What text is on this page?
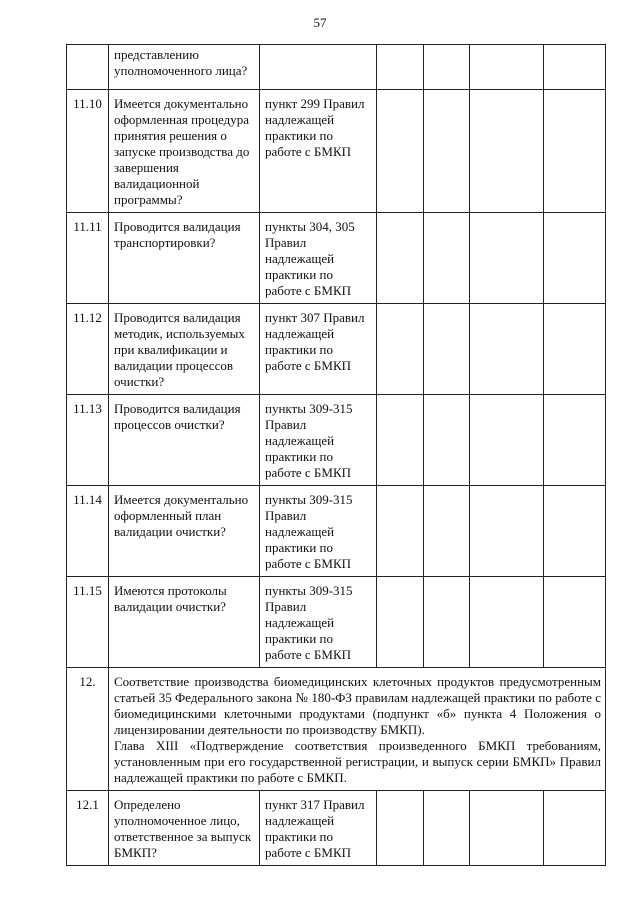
57
	представлению уполномоченного лица?					
11.10	Имеется документально оформленная процедура принятия решения о запуске производства до завершения валидационной программы?	пункт 299 Правил надлежащей практики по работе с БМКП				
11.11	Проводится валидация транспортировки?	пункты 304, 305 Правил надлежащей практики по работе с БМКП				
11.12	Проводится валидация методик, используемых при квалификации и валидации процессов очистки?	пункт 307 Правил надлежащей практики по работе с БМКП				
11.13	Проводится валидация процессов очистки?	пункты 309-315 Правил надлежащей практики по работе с БМКП				
11.14	Имеется документально оформленный план валидации очистки?	пункты 309-315 Правил надлежащей практики по работе с БМКП				
11.15	Имеются протоколы валидации очистки?	пункты 309-315 Правил надлежащей практики по работе с БМКП				
12.	Соответствие производства биомедицинских клеточных продуктов предусмотренным статьей 35 Федерального закона № 180-ФЗ правилам надлежащей практики по работе с биомедицинскими клеточными продуктами (подпункт «б» пункта 4 Положения о лицензировании деятельности по производству БМКП).

Глава XIII «Подтверждение соответствия произведенного БМКП требованиям, установленным при его государственной регистрации, и выпуск серии БМКП» Правил надлежащей практики по работе с БМКП.					

12.1	Определено уполномоченное лицо, ответственное за выпуск БМКП?	пункт 317 Правил надлежащей практики по работе с БМКП				
